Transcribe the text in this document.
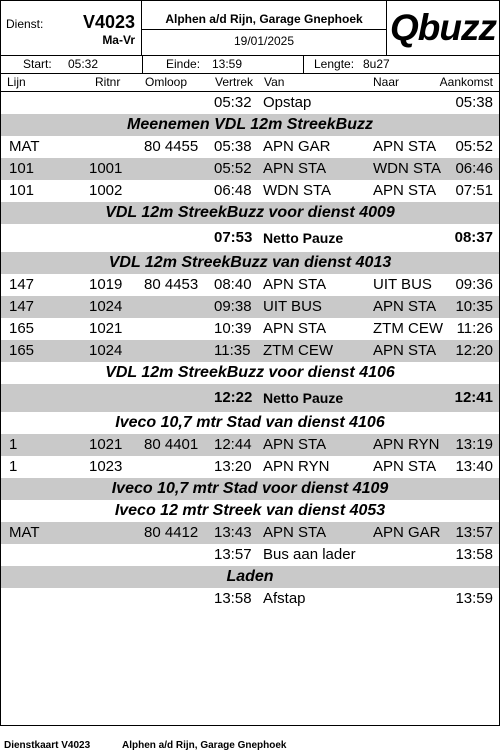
Dienst: V4023
Ma-Vr
Alphen a/d Rijn, Garage Gnephoek
19/01/2025	Qbuzz
Start: 05:32	Einde: 13:59	Lengte: 8u27
Lijn	Ritnr Omloop Vertrek Van	Naar	Aankomst
05:32 Opstap	05:38
Meenemen VDL 12m StreekBuzz
MAT	80 4455 05:38 APN GAR	APN STA 05:52
101	1001	05:52 APN STA	WDN STA 06:46
101	1002	06:48 WDN STA	APN STA 07:51
VDL 12m StreekBuzz voor dienst 4009
07:53 Netto Pauze	08:37
VDL 12m StreekBuzz van dienst 4013
147	1019 80 4453 08:40 APN STA	UIT BUS 09:36
147	1024	09:38 UIT BUS	APN STA 10:35
165	1021	10:39 APN STA	ZTM CEW 11:26
165	1024	11:35 ZTM CEW	APN STA 12:20
VDL 12m StreekBuzz voor dienst 4106
12:22 Netto Pauze	12:41
Iveco 10,7 mtr Stad van dienst 4106
1	1021 80 4401 12:44 APN STA	APN RYN 13:19
1	1023	13:20 APN RYN	APN STA 13:40
Iveco 10,7 mtr Stad voor dienst 4109
Iveco 12 mtr Streek van dienst 4053
MAT	80 4412 13:43 APN STA	APN GAR 13:57
13:57 Bus aan lader	13:58
Laden
13:58 Afstap	13:59
Dienstkaart V4023	Alphen a/d Rijn, Garage Gnephoek
